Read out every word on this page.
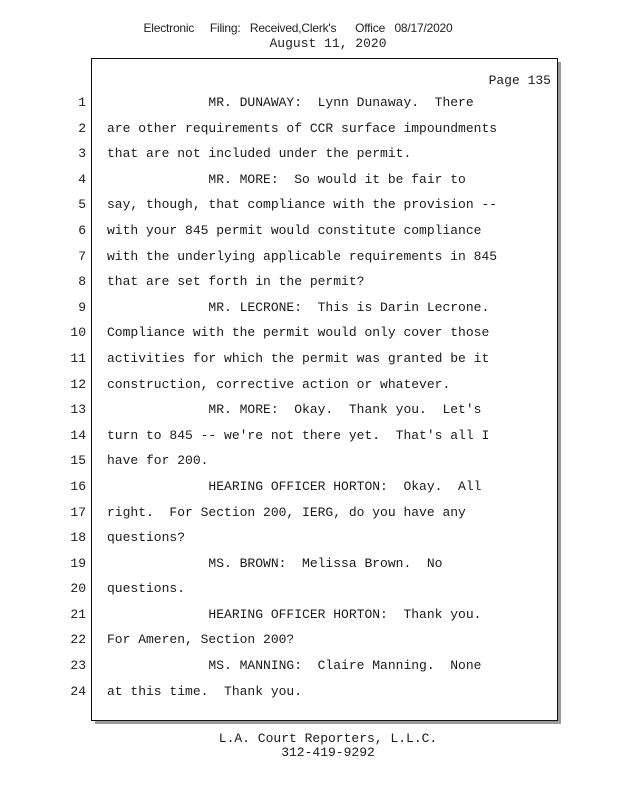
Electronic     Filing:   Received,Clerk's      Office   08/17/2020
August 11, 2020
Page 135
1
2
3
4
5
6
7
8
9
10
11
12
13
14
15
16
17
18
19
20
21
22
23
24
MR. DUNAWAY:  Lynn Dunaway.  There
are other requirements of CCR surface impoundments
that are not included under the permit.
MR. MORE:  So would it be fair to
say, though, that compliance with the provision --
with your 845 permit would constitute compliance
with the underlying applicable requirements in 845
that are set forth in the permit?
MR. LECRONE:  This is Darin Lecrone.
Compliance with the permit would only cover those
activities for which the permit was granted be it
construction, corrective action or whatever.
MR. MORE:  Okay.  Thank you.  Let's
turn to 845 -- we're not there yet.  That's all I
have for 200.
HEARING OFFICER HORTON:  Okay.  All
right.  For Section 200, IERG, do you have any
questions?
MS. BROWN:  Melissa Brown.  No
questions.
HEARING OFFICER HORTON:  Thank you.
For Ameren, Section 200?
MS. MANNING:  Claire Manning.  None
at this time.  Thank you.
L.A. Court Reporters, L.L.C.
312-419-9292
